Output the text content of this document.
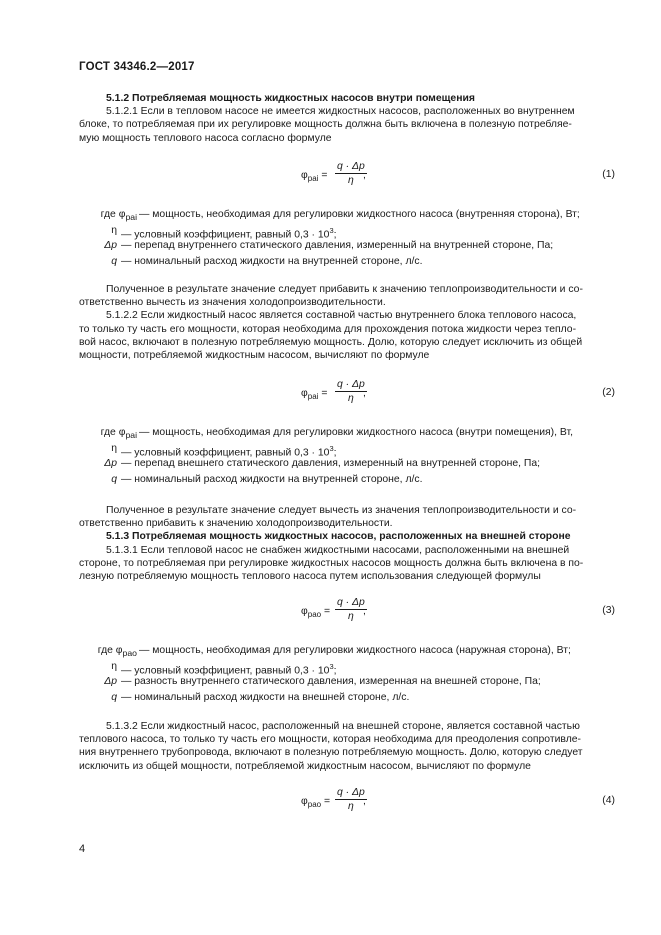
ГОСТ 34346.2—2017

5.1.2 Потребляемая мощность жидкостных насосов внутри помещения

5.1.2.1 Если в тепловом насосе не имеется жидкостных насосов, расположенных во внутреннем

блоке, то потребляемая при их регулировке мощность должна быть включена в полезную потребляе-

мую мощность теплового насоса согласно формуле

$\varphi_{pai} = \frac{q \cdot \Delta p}{\eta}$
,	(1)
где $\varphi_{pai}$ — мощность, необходимая для регулировки жидкостного насоса (внутренняя сторона), Вт;
η — условный коэффициент, равный $0,3 \cdot 10^3$;
Δp — перепад внутреннего статического давления, измеренный на внутренней стороне, Па;
q — номинальный расход жидкости на внутренней стороне, л/с.

Полученное в результате значение следует прибавить к значению теплопроизводительности и со-

ответственно вычесть из значения холодопроизводительности.

5.1.2.2 Если жидкостный насос является составной частью внутреннего блока теплового насоса,

то только ту часть его мощности, которая необходима для прохождения потока жидкости через тепло-

вой насос, включают в полезную потребляемую мощность. Долю, которую следует исключить из общей

мощности, потребляемой жидкостным насосом, вычисляют по формуле

$\varphi_{pai} = \frac{q \cdot \Delta p}{\eta}$
,	(2)
где $\varphi_{pai}$ — мощность, необходимая для регулировки жидкостного насоса (внутри помещения), Вт,
η — условный коэффициент, равный $0,3 \cdot 10^3$;
Δp — перепад внешнего статического давления, измеренный на внутренней стороне, Па;
q — номинальный расход жидкости на внутренней стороне, л/с.

Полученное в результате значение следует вычесть из значения теплопроизводительности и со-

ответственно прибавить к значению холодопроизводительности.

5.1.3 Потребляемая мощность жидкостных насосов, расположенных на внешней стороне

5.1.3.1 Если тепловой насос не снабжен жидкостными насосами, расположенными на внешней

стороне, то потребляемая при регулировке жидкостных насосов мощность должна быть включена в по-

лезную потребляемую мощность теплового насоса путем использования следующей формулы

$\varphi_{pao} = \frac{q \cdot \Delta p}{\eta}$
,	(3)
где $\varphi_{pao}$ — мощность, необходимая для регулировки жидкостного насоса (наружная сторона), Вт;
η — условный коэффициент, равный $0,3 \cdot 10^3$;
Δp — разность внутреннего статического давления, измеренная на внешней стороне, Па;
q — номинальный расход жидкости на внешней стороне, л/с.

5.1.3.2 Если жидкостный насос, расположенный на внешней стороне, является составной частью

теплового насоса, то только ту часть его мощности, которая необходима для преодоления сопротивле-

ния внутреннего трубопровода, включают в полезную потребляемую мощность. Долю, которую следует

исключить из общей мощности, потребляемой жидкостным насосом, вычисляют по формуле

$\varphi_{pao} = \frac{q \cdot \Delta p}{\eta}$
,	(4)
4
